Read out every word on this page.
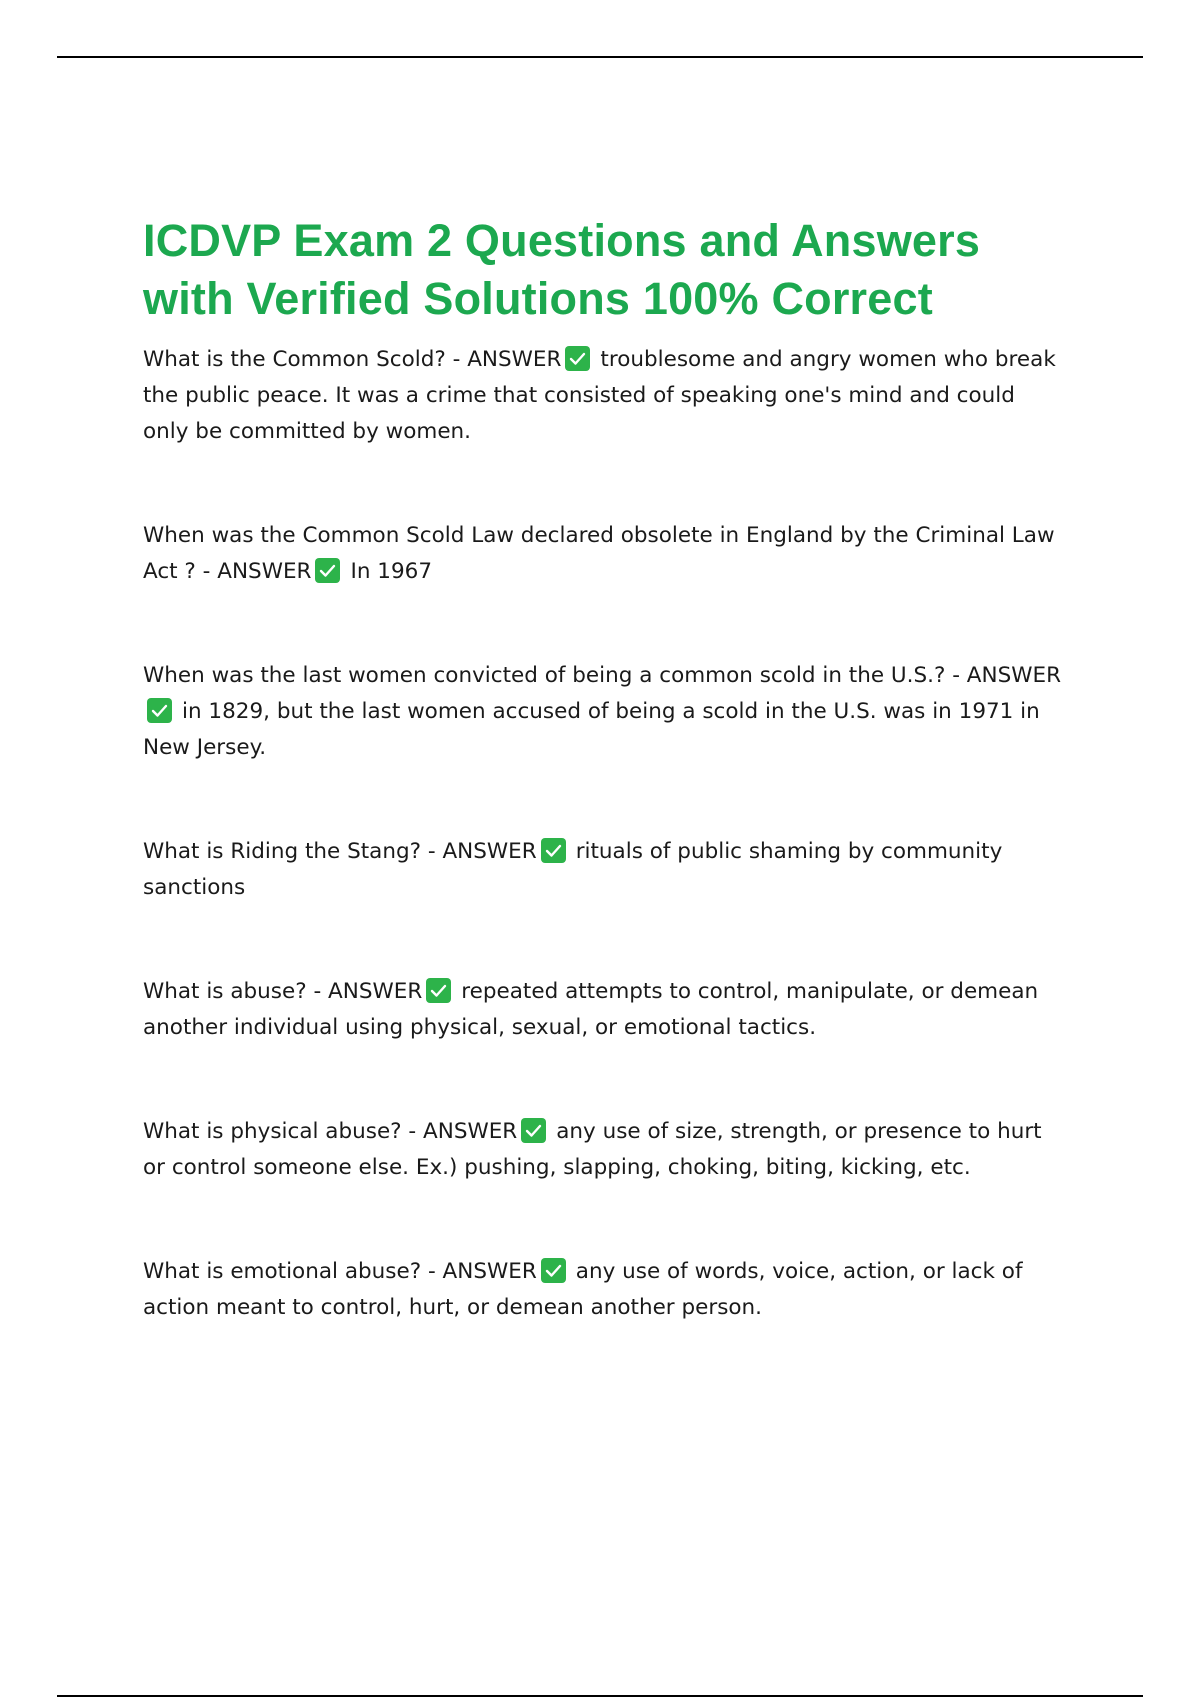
ICDVP Exam 2 Questions and Answers with Verified Solutions 100% Correct

What is the Common Scold? - ANSWER troublesome and angry women who break the public peace. It was a crime that consisted of speaking one's mind and could only be committed by women.

When was the Common Scold Law declared obsolete in England by the Criminal Law Act ? - ANSWER In 1967

When was the last women convicted of being a common scold in the U.S.? - ANSWER
in 1829, but the last women accused of being a scold in the U.S. was in 1971 in New Jersey.

What is Riding the Stang? - ANSWER rituals of public shaming by community sanctions

What is abuse? - ANSWER repeated attempts to control, manipulate, or demean another individual using physical, sexual, or emotional tactics.

What is physical abuse? - ANSWER any use of size, strength, or presence to hurt or control someone else. Ex.) pushing, slapping, choking, biting, kicking, etc.

What is emotional abuse? - ANSWER any use of words, voice, action, or lack of action meant to control, hurt, or demean another person.
